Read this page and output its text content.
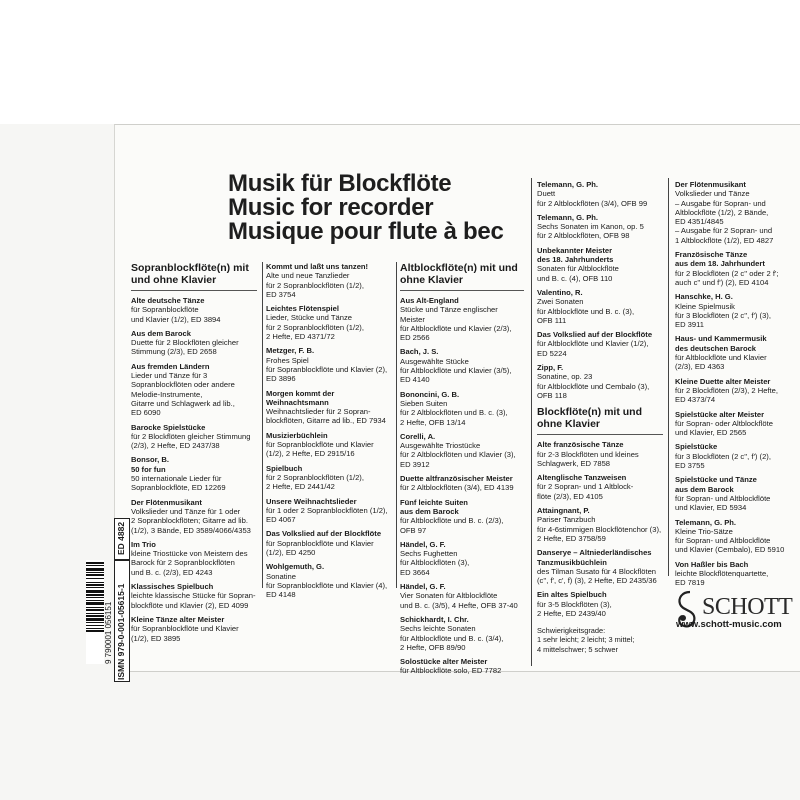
Musik für Blockflöte
Music for recorder
Musique pour flute à bec
Sopranblockflöte(n) mit und ohne Klavier
Alte deutsche Tänze
für Sopranblockflöte
und Klavier (1/2), ED 3894
Aus dem Barock
Duette für 2 Blockflöten gleicher
Stimmung (2/3), ED 2658
Aus fremden Ländern
Lieder und Tänze für 3
Sopranblockflöten oder andere
Melodie-Instrumente,
Gitarre und Schlagwerk ad lib.,
ED 6090
Barocke Spielstücke
für 2 Blockflöten gleicher Stimmung
(2/3), 2 Hefte, ED 2437/38
Bonsor, B.
50 for fun
50 internationale Lieder für
Sopranblockflöte, ED 12269
Der Flötenmusikant
Volkslieder und Tänze für 1 oder
2 Sopranblockflöten; Gitarre ad lib.
(1/2), 3 Bände, ED 3589/4066/4353
Im Trio
kleine Triostücke von Meistern des
Barock für 2 Sopranblockflöten
und B. c. (2/3), ED 4243
Klassisches Spielbuch
leichte klassische Stücke für Sopran-
blockflöte und Klavier (2), ED 4099
Kleine Tänze alter Meister
für Sopranblockflöte und Klavier
(1/2), ED 3895
Kommt und laßt uns tanzen!
Alte und neue Tanzlieder
für 2 Sopranblockflöten (1/2),
ED 3754
Leichtes Flötenspiel
Lieder, Stücke und Tänze
für 2 Sopranblockflöten (1/2),
2 Hefte, ED 4371/72
Metzger, F. B.
Frohes Spiel
für Sopranblockflöte und Klavier (2),
ED 3896
Morgen kommt der
Weihnachtsmann
Weihnachtslieder für 2 Sopran-
blockflöten, Gitarre ad lib., ED 7934
Musizierbüchlein
für Sopranblockflöte und Klavier
(1/2), 2 Hefte, ED 2915/16
Spielbuch
für 2 Sopranblockflöten (1/2),
2 Hefte, ED 2441/42
Unsere Weihnachtslieder
für 1 oder 2 Sopranblockflöten (1/2),
ED 4067
Das Volkslied auf der Blockflöte
für Sopranblockflöte und Klavier
(1/2), ED 4250
Wohlgemuth, G.
Sonatine
für Sopranblockflöte und Klavier (4),
ED 4148
Altblockflöte(n) mit und ohne Klavier
Aus Alt-England
Stücke und Tänze englischer Meister
für Altblockflöte und Klavier (2/3),
ED 2566
Bach, J. S.
Ausgewählte Stücke
für Altblockflöte und Klavier (3/5),
ED 4140
Bononcini, G. B.
Sieben Suiten
für 2 Altblockflöten und B. c. (3),
2 Hefte, OFB 13/14
Corelli, A.
Ausgewählte Triostücke
für 2 Altblockflöten und Klavier (3),
ED 3912
Duette altfranzösischer Meister
für 2 Altblockflöten (3/4), ED 4139
Fünf leichte Suiten
aus dem Barock
für Altblockflöte und B. c. (2/3),
OFB 97
Händel, G. F.
Sechs Fughetten
für Altblockflöten (3),
ED 3664
Händel, G. F.
Vier Sonaten für Altblockflöte
und B. c. (3/5), 4 Hefte, OFB 37-40
Schickhardt, I. Chr.
Sechs leichte Sonaten
für Altblockflöte und B. c. (3/4),
2 Hefte, OFB 89/90
Solostücke alter Meister
für Altblockflöte solo, ED 7782
Telemann, G. Ph.
Duett
für 2 Altblockflöten (3/4), OFB 99
Telemann, G. Ph.
Sechs Sonaten im Kanon, op. 5
für 2 Altblockflöten, OFB 98
Unbekannter Meister
des 18. Jahrhunderts
Sonaten für Altblockflöte
und B. c. (4), OFB 110
Valentino, R.
Zwei Sonaten
für Altblockflöte und B. c. (3),
OFB 111
Das Volkslied auf der Blockflöte
für Altblockflöte und Klavier (1/2),
ED 5224
Zipp, F.
Sonatine, op. 23
für Altblockflöte und Cembalo (3),
OFB 118
Blockflöte(n) mit und ohne Klavier
Alte französische Tänze
für 2-3 Blockflöten und kleines
Schlagwerk, ED 7858
Altenglische Tanzweisen
für 2 Sopran- und 1 Altblock-
flöte (2/3), ED 4105
Attaingnant, P.
Pariser Tanzbuch
für 4-6stimmigen Blockflötenchor (3),
2 Hefte, ED 3758/59
Danserye – Altniederländisches
Tanzmusikbüchlein
des Tilman Susato für 4 Blockflöten
(c'', f', c', f) (3), 2 Hefte, ED 2435/36
Ein altes Spielbuch
für 3-5 Blockflöten (3),
2 Hefte, ED 2439/40
Schwierigkeitsgrade:
1 sehr leicht; 2 leicht; 3 mittel;
4 mittelschwer; 5 schwer
Der Flötenmusikant
Volkslieder und Tänze
– Ausgabe für Sopran- und
Altblockflöte (1/2), 2 Bände,
ED 4351/4845
– Ausgabe für 2 Sopran- und
1 Altblockflöte (1/2), ED 4827
Französische Tänze
aus dem 18. Jahrhundert
für 2 Blockflöten (2 c'' oder 2 f';
auch c'' und f') (2), ED 4104
Hanschke, H. G.
Kleine Spielmusik
für 3 Blockflöten (2 c'', f') (3),
ED 3911
Haus- und Kammermusik
des deutschen Barock
für Altblockflöte und Klavier
(2/3), ED 4363
Kleine Duette alter Meister
für 2 Blockflöten (2/3), 2 Hefte,
ED 4373/74
Spielstücke alter Meister
für Sopran- oder Altblockflöte
und Klavier, ED 2565
Spielstücke
für 3 Blockflöten (2 c'', f') (2),
ED 3755
Spielstücke und Tänze
aus dem Barock
für Sopran- und Altblockflöte
und Klavier, ED 5934
Telemann, G. Ph.
Kleine Trio-Sätze
für Sopran- und Altblockflöte
und Klavier (Cembalo), ED 5910
Von Haßler bis Bach
leichte Blockflötenquartette,
ED 7819
9 790001 056151 ISMN 979-0-001-05615-1
ED 4882
SCHOTT
www.schott-music.com
